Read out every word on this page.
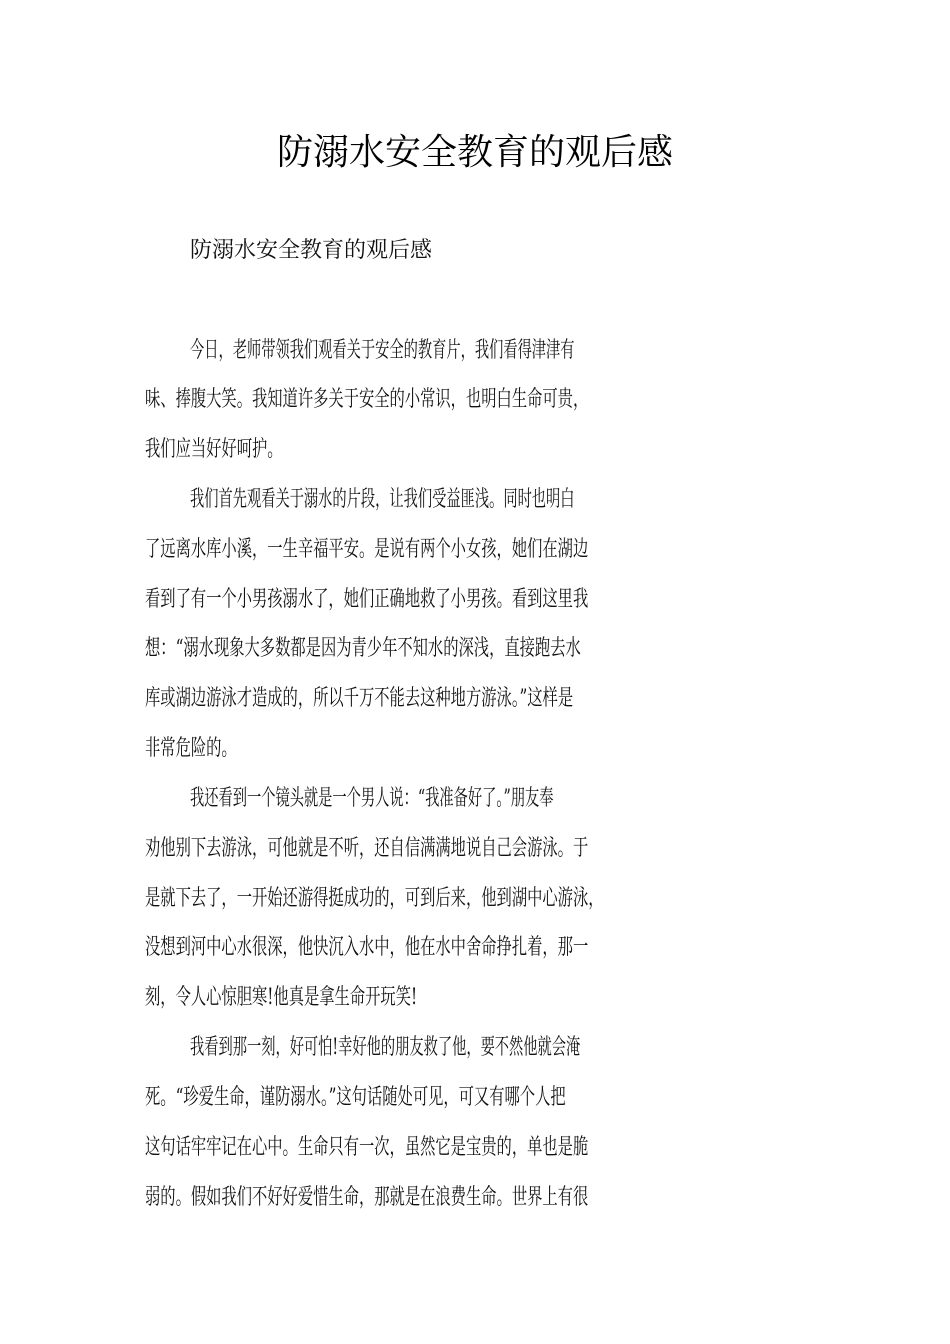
防溺水安全教育的观后感
防溺水安全教育的观后感
今日，老师带领我们观看关于安全的教育片，我们看得津津有
味、捧腹大笑。我知道许多关于安全的小常识，也明白生命可贵，
我们应当好好呵护。
我们首先观看关于溺水的片段，让我们受益匪浅。同时也明白
了远离水库小溪，一生辛福平安。是说有两个小女孩，她们在湖边
看到了有一个小男孩溺水了，她们正确地救了小男孩。看到这里我
想：“溺水现象大多数都是因为青少年不知水的深浅，直接跑去水
库或湖边游泳才造成的，所以千万不能去这种地方游泳。”这样是
非常危险的。
我还看到一个镜头就是一个男人说：“我准备好了。”朋友奉
劝他别下去游泳，可他就是不听，还自信满满地说自己会游泳。于
是就下去了，一开始还游得挺成功的，可到后来，他到湖中心游泳，
没想到河中心水很深，他快沉入水中，他在水中舍命挣扎着，那一
刻，令人心惊胆寒!他真是拿生命开玩笑!
我看到那一刻，好可怕!幸好他的朋友救了他，要不然他就会淹
死。“珍爱生命，谨防溺水。”这句话随处可见，可又有哪个人把
这句话牢牢记在心中。生命只有一次，虽然它是宝贵的，单也是脆
弱的。假如我们不好好爱惜生命，那就是在浪费生命。世界上有很
